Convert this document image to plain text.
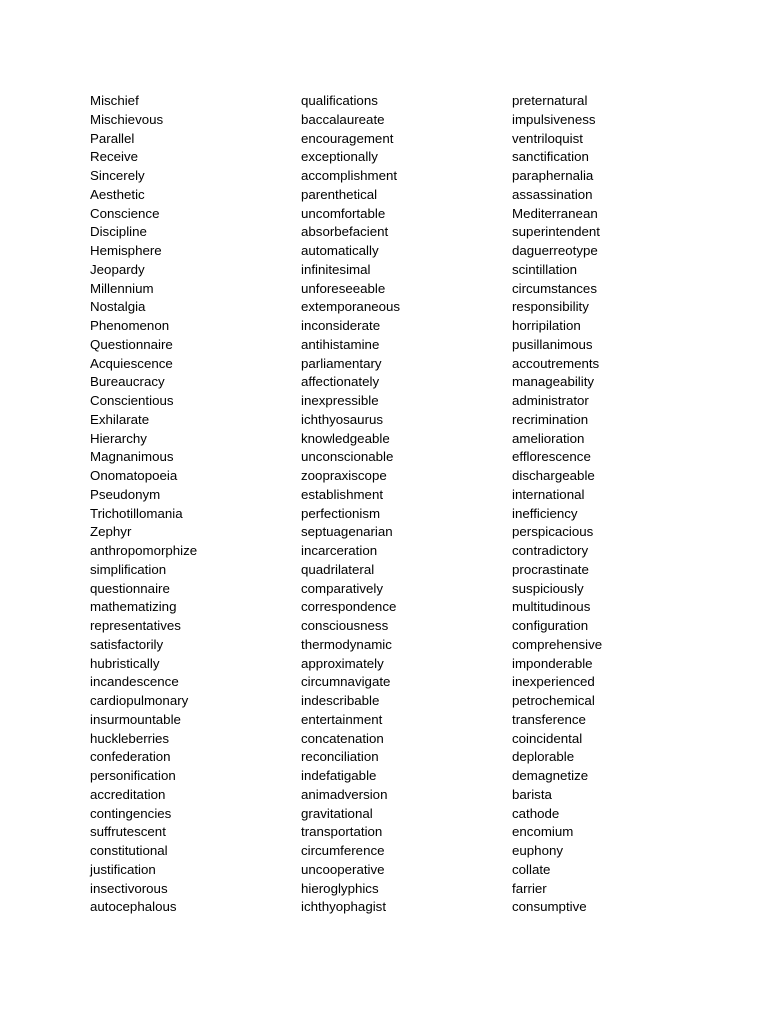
Mischief
Mischievous
Parallel
Receive
Sincerely
Aesthetic
Conscience
Discipline
Hemisphere
Jeopardy
Millennium
Nostalgia
Phenomenon
Questionnaire
Acquiescence
Bureaucracy
Conscientious
Exhilarate
Hierarchy
Magnanimous
Onomatopoeia
Pseudonym
Trichotillomania
Zephyr
anthropomorphize
simplification
questionnaire
mathematizing
representatives
satisfactorily
hubristically
incandescence
cardiopulmonary
insurmountable
huckleberries
confederation
personification
accreditation
contingencies
suffrutescent
constitutional
justification
insectivorous
autocephalous
qualifications
baccalaureate
encouragement
exceptionally
accomplishment
parenthetical
uncomfortable
absorbefacient
automatically
infinitesimal
unforeseeable
extemporaneous
inconsiderate
antihistamine
parliamentary
affectionately
inexpressible
ichthyosaurus
knowledgeable
unconscionable
zoopraxiscope
establishment
perfectionism
septuagenarian
incarceration
quadrilateral
comparatively
correspondence
consciousness
thermodynamic
approximately
circumnavigate
indescribable
entertainment
concatenation
reconciliation
indefatigable
animadversion
gravitational
transportation
circumference
uncooperative
hieroglyphics
ichthyophagist
preternatural
impulsiveness
ventriloquist
sanctification
paraphernalia
assassination
Mediterranean
superintendent
daguerreotype
scintillation
circumstances
responsibility
horripilation
pusillanimous
accoutrements
manageability
administrator
recrimination
amelioration
efflorescence
dischargeable
international
inefficiency
perspicacious
contradictory
procrastinate
suspiciously
multitudinous
configuration
comprehensive
imponderable
inexperienced
petrochemical
transference
coincidental
deplorable
demagnetize
barista
cathode
encomium
euphony
collate
farrier
consumptive
